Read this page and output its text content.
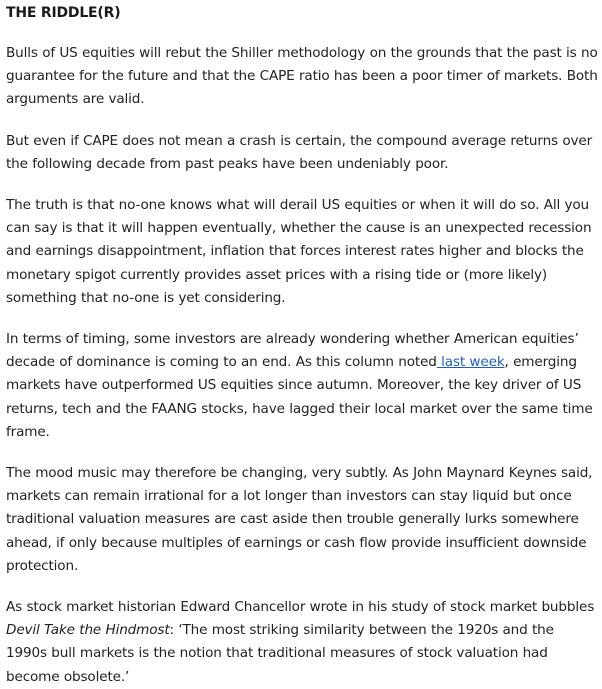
THE RIDDLE(R)

Bulls of US equities will rebut the Shiller methodology on the grounds that the past is no guarantee for the future and that the CAPE ratio has been a poor timer of markets. Both arguments are valid.

But even if CAPE does not mean a crash is certain, the compound average returns over the following decade from past peaks have been undeniably poor.

The truth is that no-one knows what will derail US equities or when it will do so. All you can say is that it will happen eventually, whether the cause is an unexpected recession and earnings disappointment, inflation that forces interest rates higher and blocks the monetary spigot currently provides asset prices with a rising tide or (more likely) something that no-one is yet considering.

In terms of timing, some investors are already wondering whether American equities’ decade of dominance is coming to an end. As this column noted last week, emerging markets have outperformed US equities since autumn. Moreover, the key driver of US returns, tech and the FAANG stocks, have lagged their local market over the same time frame.

The mood music may therefore be changing, very subtly. As John Maynard Keynes said, markets can remain irrational for a lot longer than investors can stay liquid but once traditional valuation measures are cast aside then trouble generally lurks somewhere ahead, if only because multiples of earnings or cash flow provide insufficient downside protection.

As stock market historian Edward Chancellor wrote in his study of stock market bubbles Devil Take the Hindmost: ‘The most striking similarity between the 1920s and the 1990s bull markets is the notion that traditional measures of stock valuation had become obsolete.’
